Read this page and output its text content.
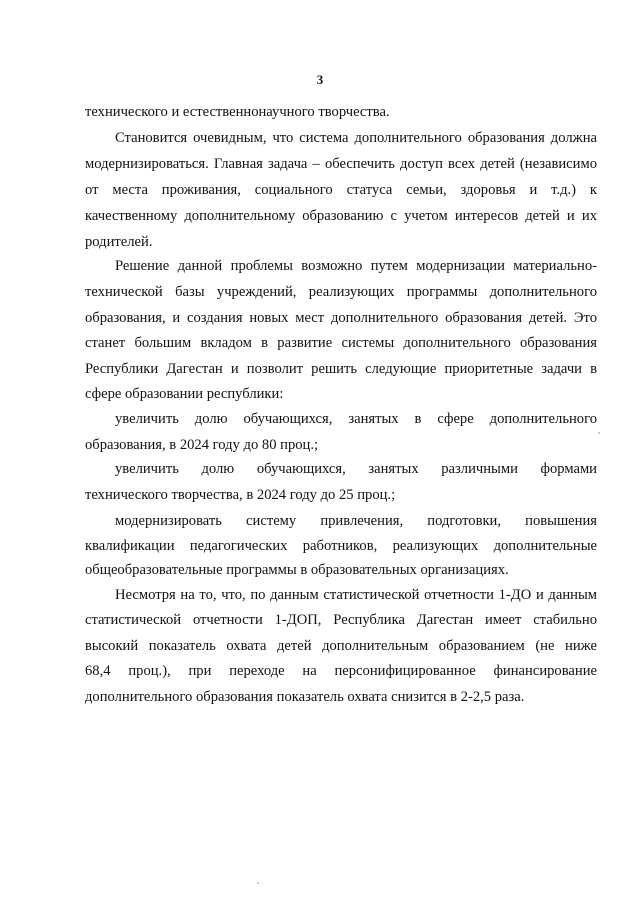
3
технического и естественнонаучного творчества.
Становится очевидным, что система дополнительного образования должна
модернизироваться. Главная задача – обеспечить доступ всех детей (независимо
от места проживания, социального статуса семьи, здоровья и т.д.) к
качественному дополнительному образованию с учетом интересов детей и их
родителей.
Решение данной проблемы возможно путем модернизации материально-
технической базы учреждений, реализующих программы дополнительного
образования, и создания новых мест дополнительного образования детей. Это
станет большим вкладом в развитие системы дополнительного образования
Республики Дагестан и позволит решить следующие приоритетные задачи в
сфере образовании республики:
увеличить долю обучающихся, занятых в сфере дополнительного
образования, в 2024 году до 80 проц.;
увеличить долю обучающихся, занятых различными формами
технического творчества, в 2024 году до 25 проц.;
модернизировать систему привлечения, подготовки, повышения
квалификации педагогических работников, реализующих дополнительные
общеобразовательные программы в образовательных организациях.
Несмотря на то, что, по данным статистической отчетности 1-ДО и данным
статистической отчетности 1-ДОП, Республика Дагестан имеет стабильно
высокий показатель охвата детей дополнительным образованием (не ниже
68,4 проц.), при переходе на персонифицированное финансирование
дополнительного образования показатель охвата снизится в 2-2,5 раза.
